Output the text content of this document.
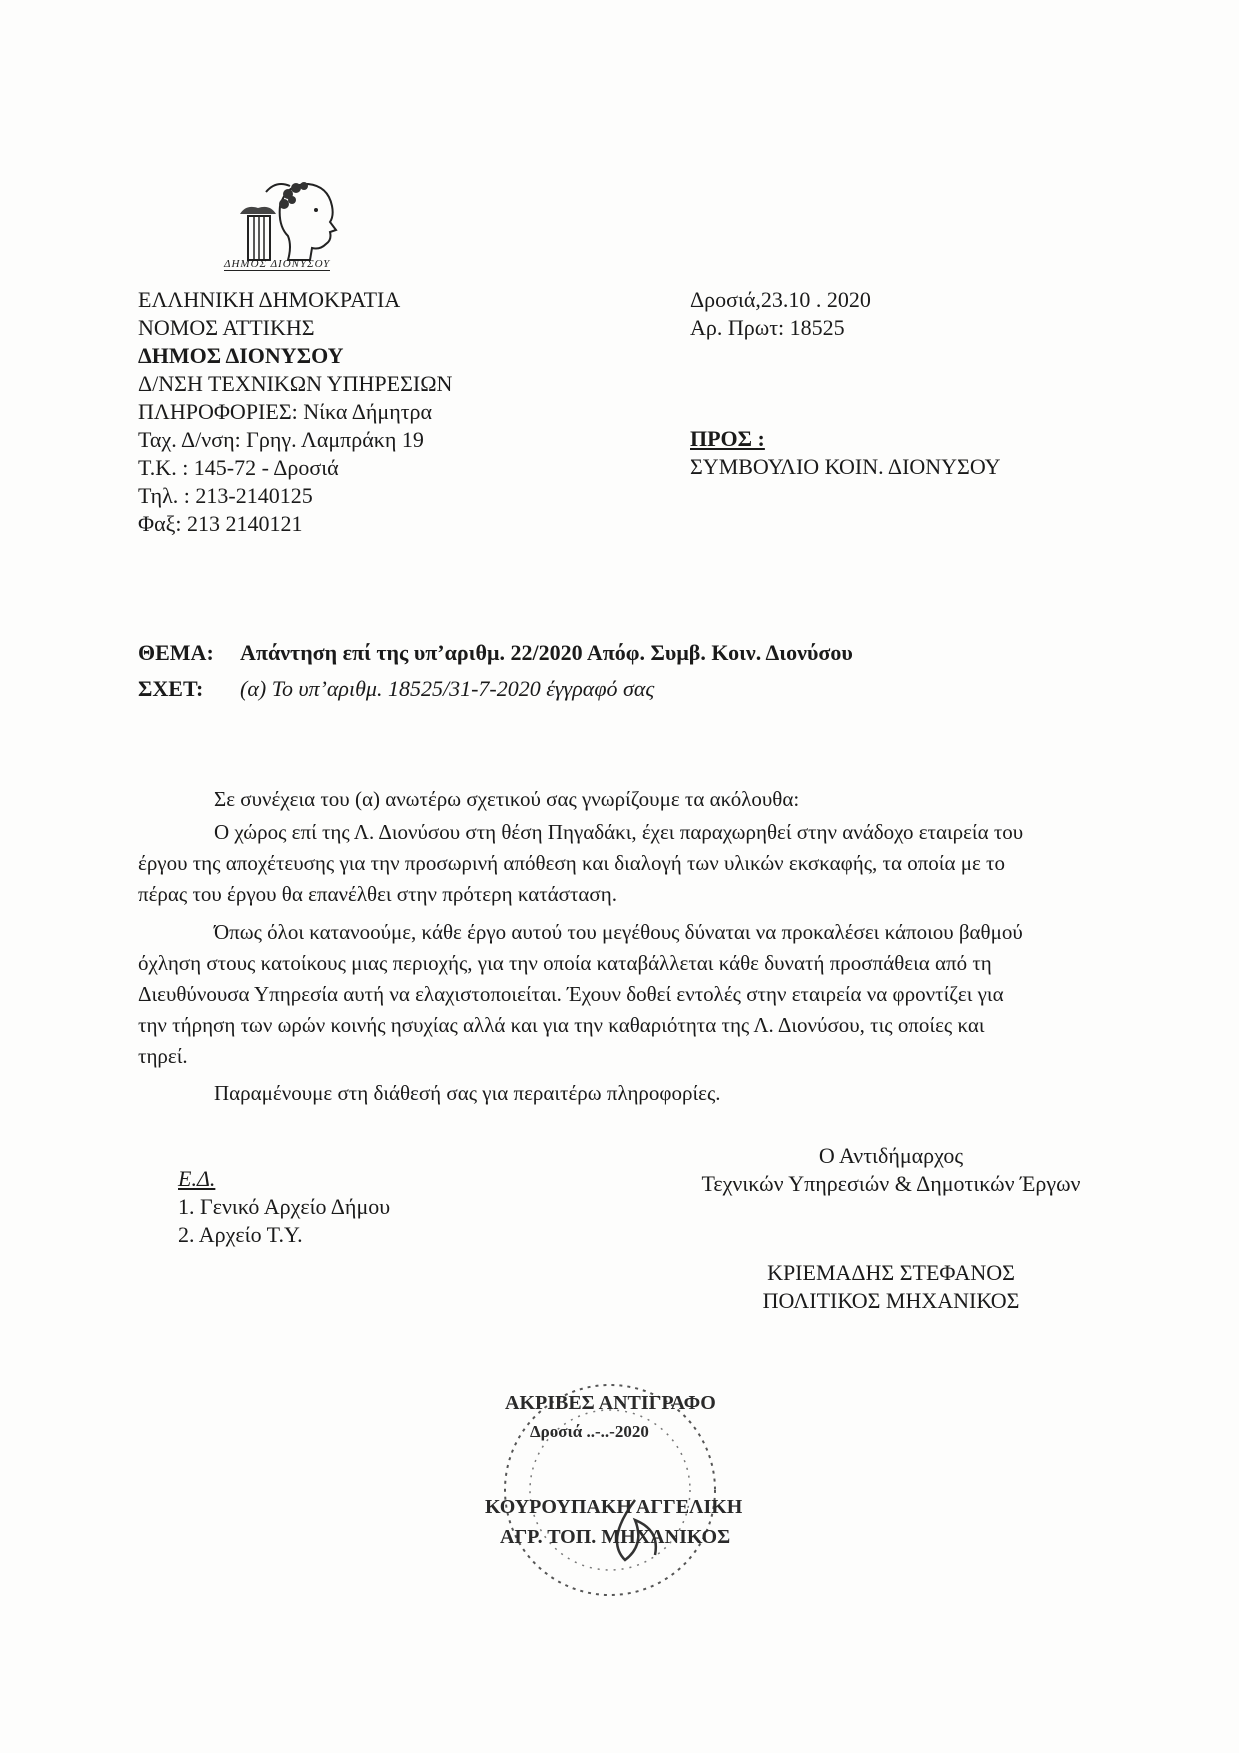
ΔΗΜΟΣ ΔΙΟΝΥΣΟΥ
ΕΛΛΗΝΙΚΗ ΔΗΜΟΚΡΑΤΙΑ
ΝΟΜΟΣ ΑΤΤΙΚΗΣ
ΔΗΜΟΣ ΔΙΟΝΥΣΟΥ
Δ/ΝΣΗ ΤΕΧΝΙΚΩΝ ΥΠΗΡΕΣΙΩΝ
ΠΛΗΡΟΦΟΡΙΕΣ: Νίκα Δήμητρα
Ταχ. Δ/νση: Γρηγ. Λαμπράκη 19
Τ.Κ. : 145-72 - Δροσιά
Τηλ. : 213-2140125
Φαξ: 213 2140121
Δροσιά,23.10 . 2020
Αρ. Πρωτ: 18525
ΠΡΟΣ :
ΣΥΜΒΟΥΛΙΟ ΚΟΙΝ. ΔΙΟΝΥΣΟΥ
ΘΕΜΑ: Απάντηση επί της υπ’αριθμ. 22/2020 Απόφ. Συμβ. Κοιν. Διονύσου
ΣΧΕΤ: (α) Το υπ’αριθμ. 18525/31-7-2020 έγγραφό σας
Σε συνέχεια του (α) ανωτέρω σχετικού σας γνωρίζουμε τα ακόλουθα:
Ο χώρος επί της Λ. Διονύσου στη θέση Πηγαδάκι, έχει παραχωρηθεί στην ανάδοχο εταιρεία του
έργου της αποχέτευσης για την προσωρινή απόθεση και διαλογή των υλικών εκσκαφής, τα οποία με το
πέρας του έργου θα επανέλθει στην πρότερη κατάσταση.
Όπως όλοι κατανοούμε, κάθε έργο αυτού του μεγέθους δύναται να προκαλέσει κάποιου βαθμού
όχληση στους κατοίκους μιας περιοχής, για την οποία καταβάλλεται κάθε δυνατή προσπάθεια από τη
Διευθύνουσα Υπηρεσία αυτή να ελαχιστοποιείται. Έχουν δοθεί εντολές στην εταιρεία να φροντίζει για
την τήρηση των ωρών κοινής ησυχίας αλλά και για την καθαριότητα της Λ. Διονύσου, τις οποίες και
τηρεί.
Παραμένουμε στη διάθεσή σας για περαιτέρω πληροφορίες.
Ε.Δ.
1. Γενικό Αρχείο Δήμου
2. Αρχείο Τ.Υ.
Ο Αντιδήμαρχος
Τεχνικών Υπηρεσιών & Δημοτικών Έργων
ΚΡΙΕΜΑΔΗΣ ΣΤΕΦΑΝΟΣ
ΠΟΛΙΤΙΚΟΣ ΜΗΧΑΝΙΚΟΣ
ΑΚΡΙΒΕΣ ΑΝΤΙΓΡΑΦΟ
Δροσιά ..-..-2020
ΚΟΥΡΟΥΠΑΚΗ ΑΓΓΕΛΙΚΗ
ΑΓΡ. ΤΟΠ. ΜΗΧΑΝΙΚΟΣ
